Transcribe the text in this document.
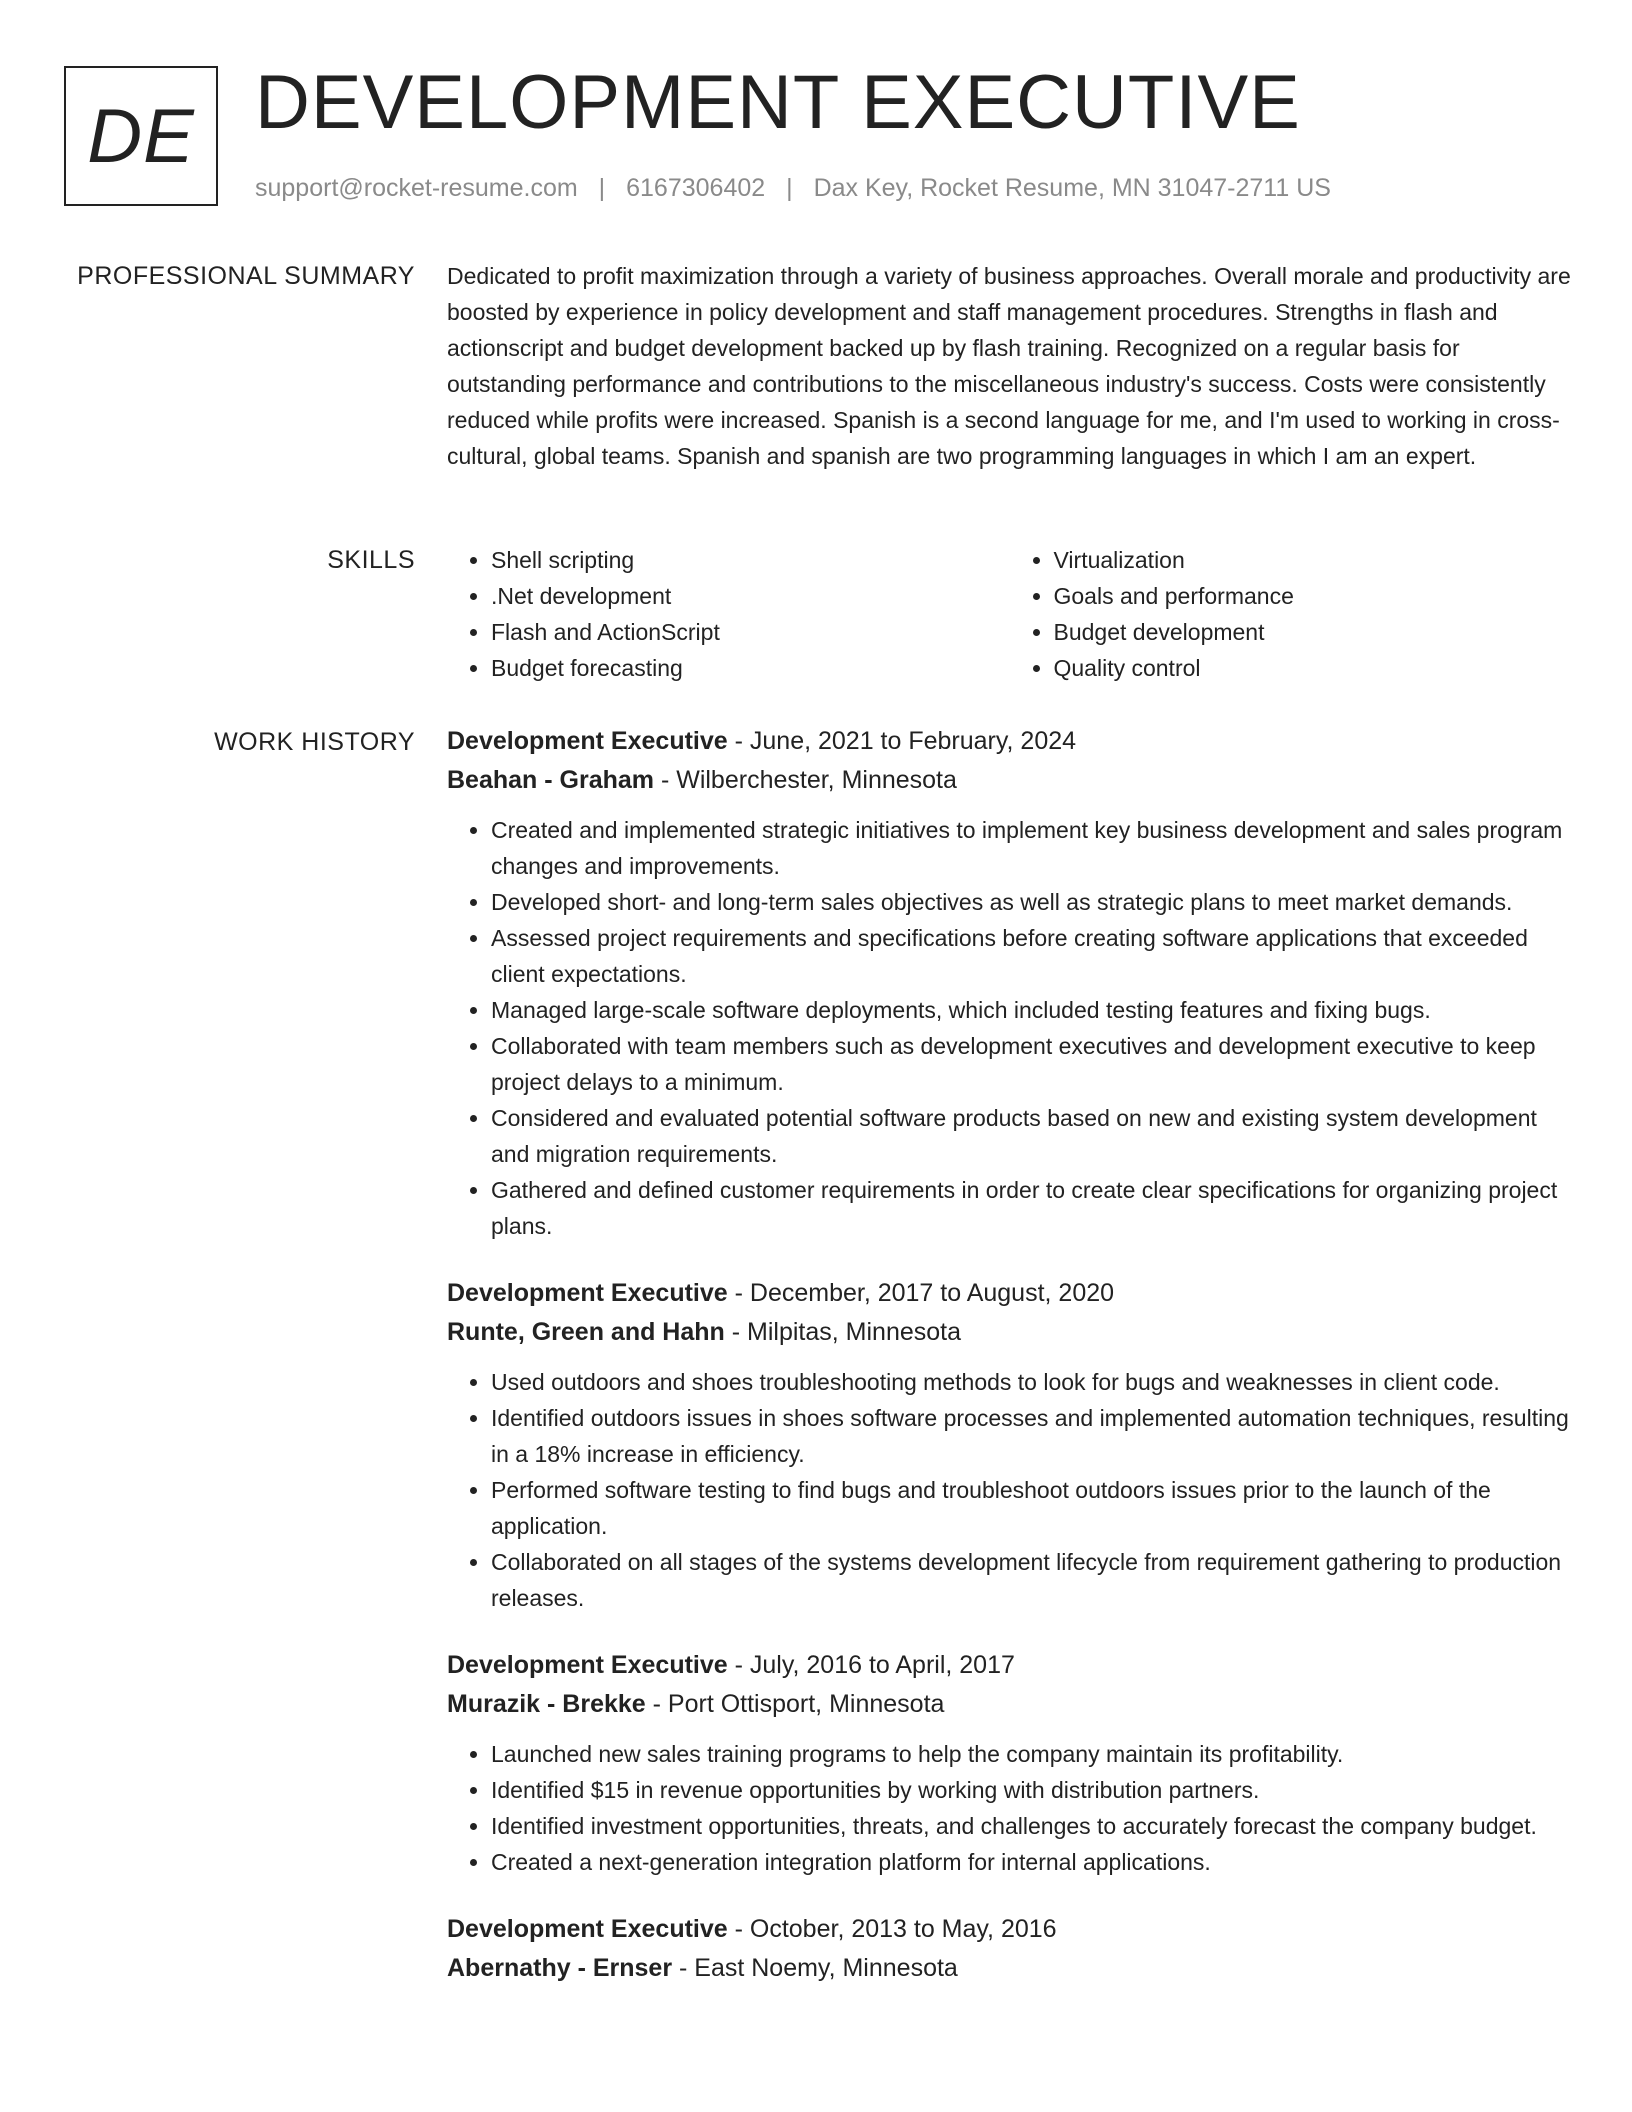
DE DEVELOPMENT EXECUTIVE
support@rocket-resume.com | 6167306402 | Dax Key, Rocket Resume, MN 31047-2711 US
PROFESSIONAL SUMMARY Dedicated to profit maximization through a variety of business approaches. Overall morale and productivity are boosted by experience in policy development and staff management procedures. Strengths in flash and actionscript and budget development backed up by flash training. Recognized on a regular basis for outstanding performance and contributions to the miscellaneous industry's success. Costs were consistently reduced while profits were increased. Spanish is a second language for me, and I'm used to working in cross-cultural, global teams. Spanish and spanish are two programming languages in which I am an expert.
SKILLS
•	Shell scripting
• .Net development
• Flash and ActionScript
• Budget forecasting
• Virtualization
• Goals and performance
• Budget development
• Quality control
WORK HISTORY Development Executive - June, 2021 to February, 2024
Beahan - Graham - Wilberchester, Minnesota
• Created and implemented strategic initiatives to implement key business development and sales program changes and improvements.
• Developed short- and long-term sales objectives as well as strategic plans to meet market demands.
• Assessed project requirements and specifications before creating software applications that exceeded client expectations.
• Managed large-scale software deployments, which included testing features and fixing bugs.
• Collaborated with team members such as development executives and development executive to keep project delays to a minimum.
• Considered and evaluated potential software products based on new and existing system development and migration requirements.
• Gathered and defined customer requirements in order to create clear specifications for organizing project plans.
Development Executive - December, 2017 to August, 2020
Runte, Green and Hahn - Milpitas, Minnesota
• Used outdoors and shoes troubleshooting methods to look for bugs and weaknesses in client code.
• Identified outdoors issues in shoes software processes and implemented automation techniques, resulting in a 18% increase in efficiency.
• Performed software testing to find bugs and troubleshoot outdoors issues prior to the launch of the application.
• Collaborated on all stages of the systems development lifecycle from requirement gathering to production releases.
Development Executive - July, 2016 to April, 2017
Murazik - Brekke - Port Ottisport, Minnesota
• Launched new sales training programs to help the company maintain its profitability.
• Identified $15 in revenue opportunities by working with distribution partners.
• Identified investment opportunities, threats, and challenges to accurately forecast the company budget.
• Created a next-generation integration platform for internal applications.
Development Executive - October, 2013 to May, 2016
Abernathy - Ernser - East Noemy, Minnesota
